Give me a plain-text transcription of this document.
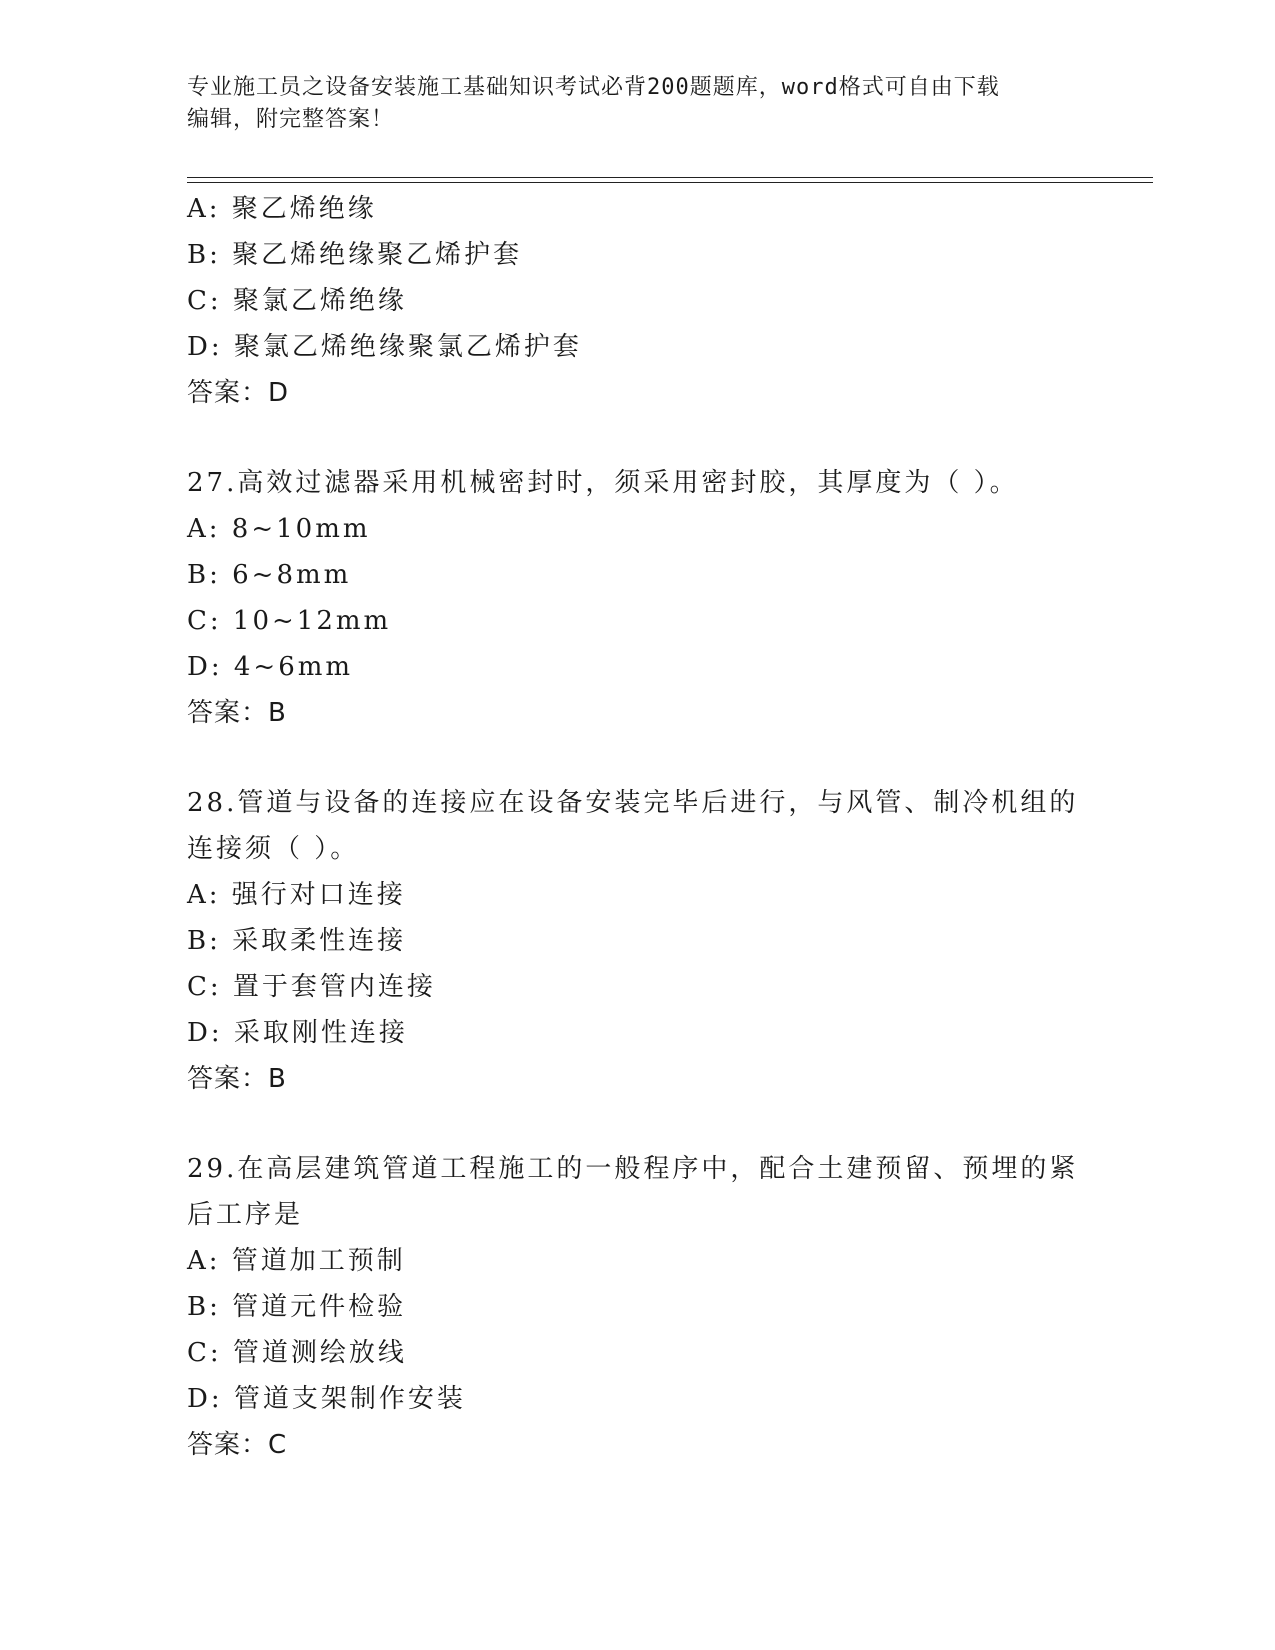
专业施工员之设备安装施工基础知识考试必背200题题库，word格式可自由下载
编辑，附完整答案！
A: 聚乙烯绝缘
B: 聚乙烯绝缘聚乙烯护套
C: 聚氯乙烯绝缘
D: 聚氯乙烯绝缘聚氯乙烯护套
答案：D
27.高效过滤器采用机械密封时，须采用密封胶，其厚度为（ ）。
A: 8~10mm
B: 6~8mm
C: 10~12mm
D: 4~6mm
答案：B
28.管道与设备的连接应在设备安装完毕后进行，与风管、制冷机组的
连接须（ ）。
A: 强行对口连接
B: 采取柔性连接
C: 置于套管内连接
D: 采取刚性连接
答案：B
29.在高层建筑管道工程施工的一般程序中，配合土建预留、预埋的紧
后工序是
A: 管道加工预制
B: 管道元件检验
C: 管道测绘放线
D: 管道支架制作安装
答案：C
